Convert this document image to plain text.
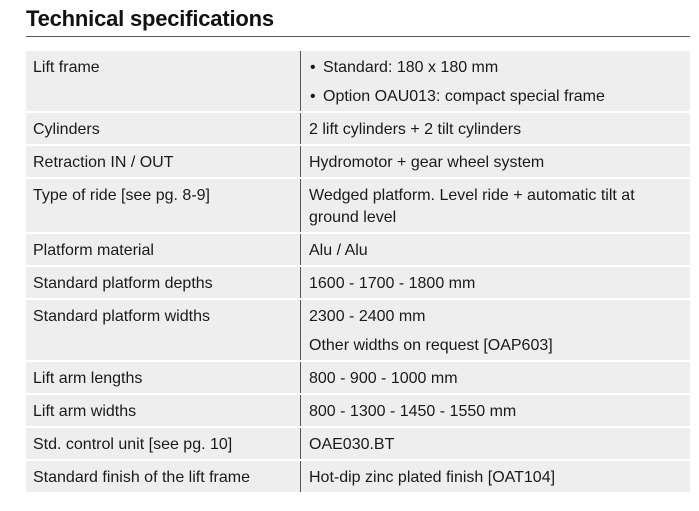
Technical specifications
Lift frame	• Standard: 180 x 180 mm
• Option OAU013: compact special frame

Cylinders	2 lift cylinders + 2 tilt cylinders

Retraction IN / OUT	Hydromotor + gear wheel system

Type of ride [see pg. 8-9]	Wedged platform. Level ride + automatic tilt at ground level

Platform material	Alu / Alu

Standard platform depths	1600 - 1700 - 1800 mm

Standard platform widths	2300 - 2400 mm
Other widths on request [OAP603]

Lift arm lengths	800 - 900 - 1000 mm

Lift arm widths	800 - 1300 - 1450 - 1550 mm

Std. control unit [see pg. 10]	OAE030.BT

Standard finish of the lift frame	Hot-dip zinc plated finish [OAT104]
